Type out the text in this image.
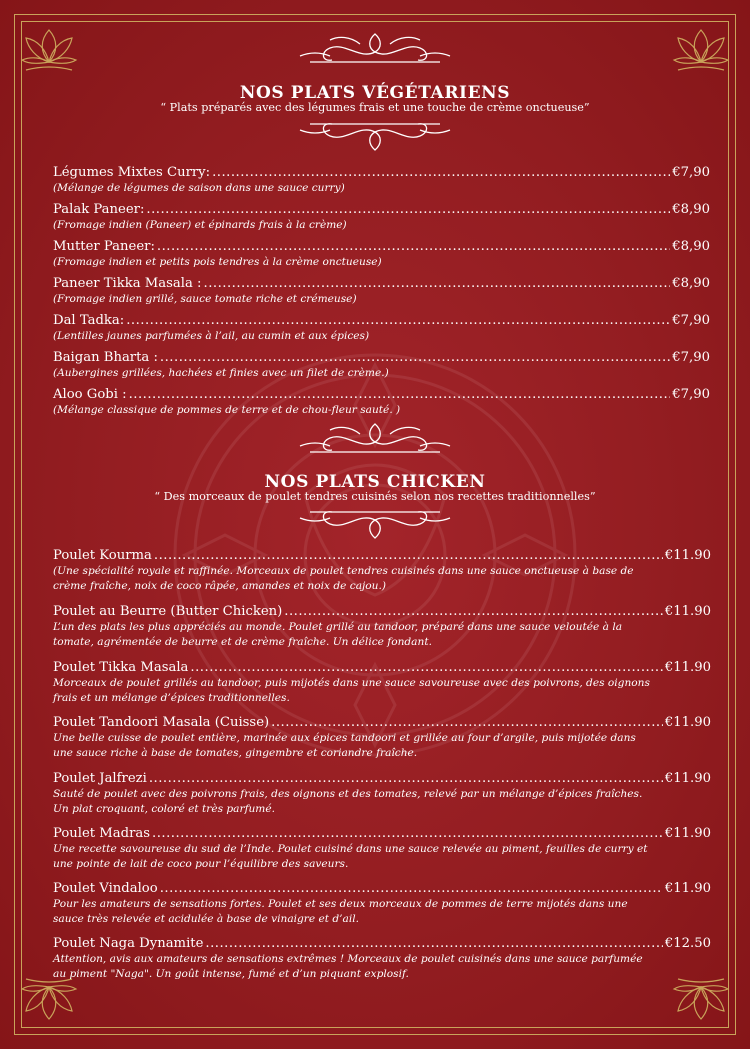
NOS PLATS VÉGÉTARIENS
“ Plats préparés avec des légumes frais et une touche de crème onctueuse”
Légumes Mixtes Curry: .....	€7,90
(Mélange de légumes de saison dans une sauce curry)
Palak Paneer: .....	€8,90
(Fromage indien (Paneer) et épinards frais à la crème)
Mutter Paneer: .....	€8,90
(Fromage indien et petits pois tendres à la crème onctueuse)
Paneer Tikka Masala : .....	€8,90
(Fromage indien grillé, sauce tomate riche et crémeuse)
Dal Tadka: .....	€7,90
(Lentilles jaunes parfumées à l’ail, au cumin et aux épices)
Baigan Bharta : .....	€7,90
(Aubergines grillées, hachées et finies avec un filet de crème.)
Aloo Gobi : .....	€7,90
(Mélange classique de pommes de terre et de chou-fleur sauté. )
NOS PLATS CHICKEN
“ Des morceaux de poulet tendres cuisinés selon nos recettes traditionnelles”
Poulet Kourma .....	€11.90
(Une spécialité royale et raffinée. Morceaux de poulet tendres cuisinés dans une sauce onctueuse à base de
crème fraîche, noix de coco râpée, amandes et noix de cajou.)
Poulet au Beurre (Butter Chicken) .....	€11.90
L’un des plats les plus appréciés au monde. Poulet grillé au tandoor, préparé dans une sauce veloutée à la
tomate, agrémentée de beurre et de crème fraîche. Un délice fondant.
Poulet Tikka Masala .....	€11.90
Morceaux de poulet grillés au tandoor, puis mijotés dans une sauce savoureuse avec des poivrons, des oignons
frais et un mélange d’épices traditionnelles.
Poulet Tandoori Masala (Cuisse) .....	€11.90
Une belle cuisse de poulet entière, marinée aux épices tandoori et grillée au four d’argile, puis mijotée dans
une sauce riche à base de tomates, gingembre et coriandre fraîche.
Poulet Jalfrezi .....	€11.90
Sauté de poulet avec des poivrons frais, des oignons et des tomates, relevé par un mélange d’épices fraîches.
Un plat croquant, coloré et très parfumé.
Poulet Madras .....	€11.90
Une recette savoureuse du sud de l’Inde. Poulet cuisiné dans une sauce relevée au piment, feuilles de curry et
une pointe de lait de coco pour l’équilibre des saveurs.
Poulet Vindaloo .....	€11.90
Pour les amateurs de sensations fortes. Poulet et ses deux morceaux de pommes de terre mijotés dans une
sauce très relevée et acidulée à base de vinaigre et d’ail.
Poulet Naga Dynamite .....	€12.50
Attention, avis aux amateurs de sensations extrêmes ! Morceaux de poulet cuisinés dans une sauce parfumée
au piment "Naga". Un goût intense, fumé et d’un piquant explosif.
